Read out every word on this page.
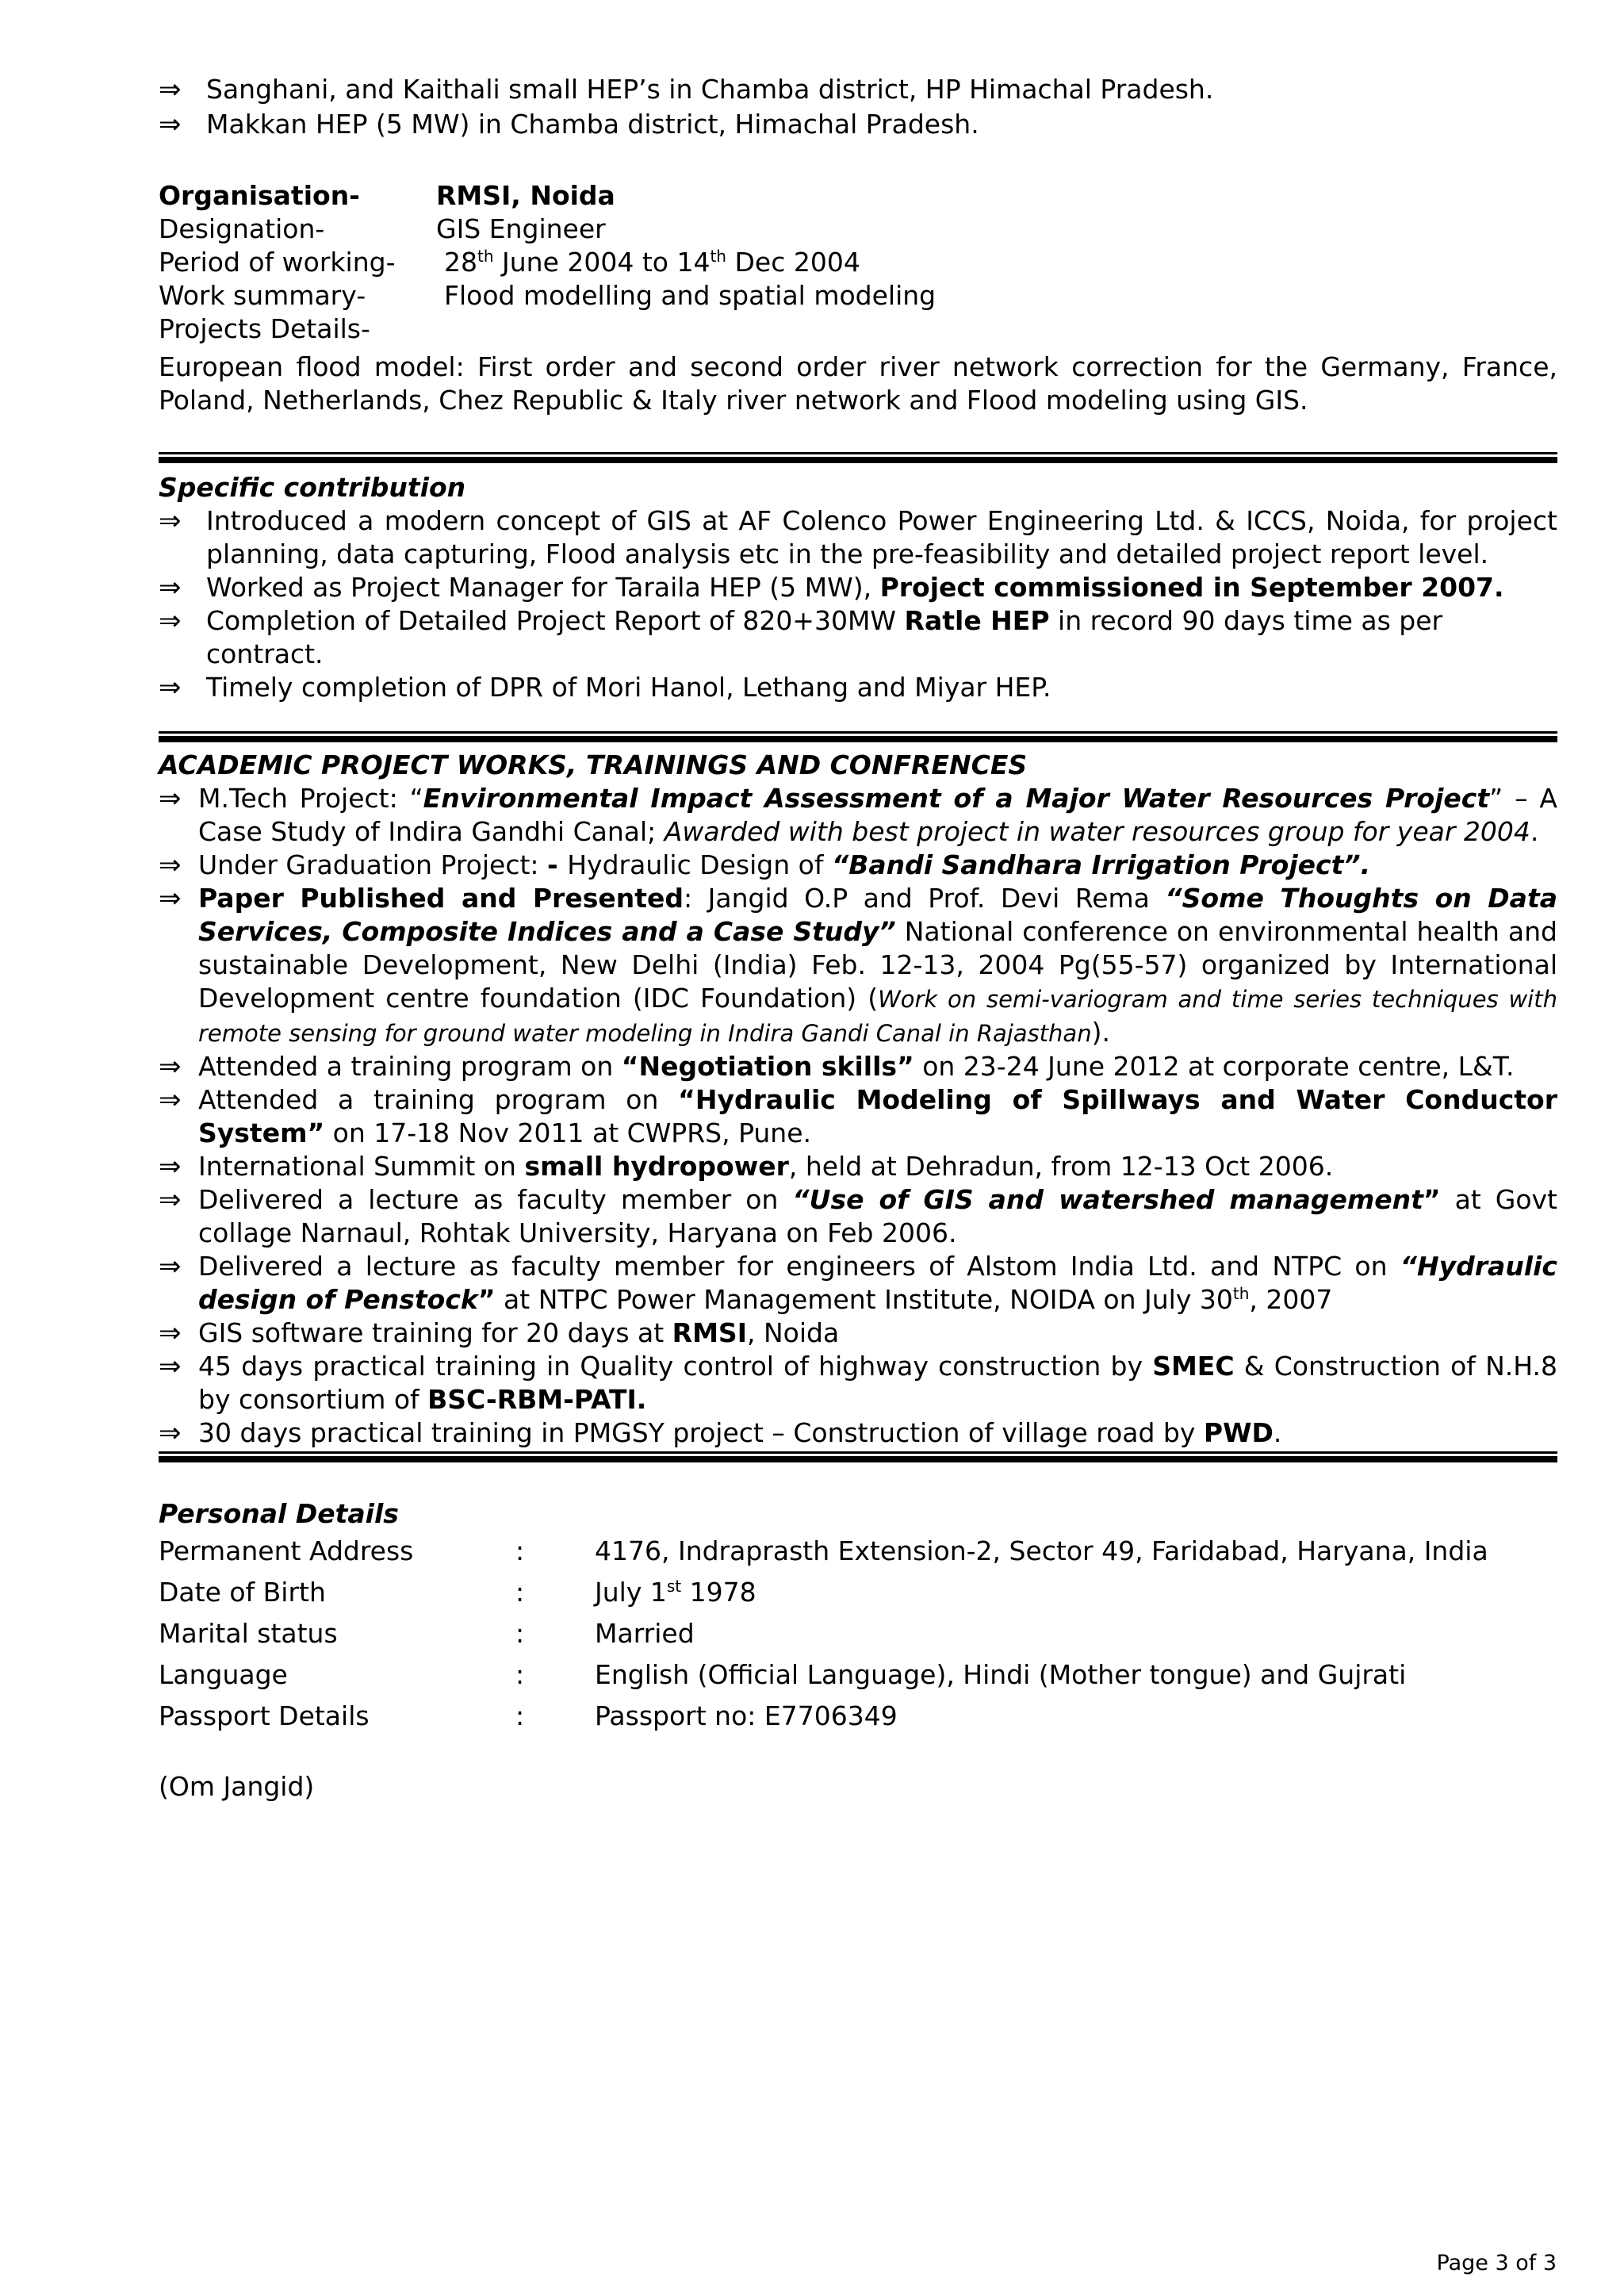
⇒ Sanghani, and Kaithali small HEP’s in Chamba district, HP Himachal Pradesh.
⇒ Makkan HEP (5 MW) in Chamba district, Himachal Pradesh.
Organisation-	RMSI, Noida
Designation-	GIS Engineer
Period of working-	28th June 2004 to 14th Dec 2004
Work summary-	Flood modelling and spatial modeling
Projects Details-
European flood model: First order and second order river network correction for the Germany, France, Poland, Netherlands, Chez Republic & Italy river network and Flood modeling using GIS.
Specific contribution
⇒ Introduced a modern concept of GIS at AF Colenco Power Engineering Ltd. & ICCS, Noida, for project planning, data capturing, Flood analysis etc in the pre-feasibility and detailed project report level.
⇒ Worked as Project Manager for Taraila HEP (5 MW), Project commissioned in September 2007.
⇒ Completion of Detailed Project Report of 820+30MW Ratle HEP in record 90 days time as per contract.
⇒ Timely completion of DPR of Mori Hanol, Lethang and Miyar HEP.
ACADEMIC PROJECT WORKS, TRAININGS AND CONFRENCES
⇒ M.Tech Project: “Environmental Impact Assessment of a Major Water Resources Project” – A Case Study of Indira Gandhi Canal; Awarded with best project in water resources group for year 2004.
⇒ Under Graduation Project: - Hydraulic Design of “Bandi Sandhara Irrigation Project”.
⇒ Paper Published and Presented: Jangid O.P and Prof. Devi Rema “Some Thoughts on Data Services, Composite Indices and a Case Study” National conference on environmental health and sustainable Development, New Delhi (India) Feb. 12-13, 2004 Pg(55-57) organized by International Development centre foundation (IDC Foundation) (Work on semi-variogram and time series techniques with remote sensing for ground water modeling in Indira Gandi Canal in Rajasthan).
⇒ Attended a training program on “Negotiation skills” on 23-24 June 2012 at corporate centre, L&T.
⇒ Attended a training program on “Hydraulic Modeling of Spillways and Water Conductor System” on 17-18 Nov 2011 at CWPRS, Pune.
⇒ International Summit on small hydropower, held at Dehradun, from 12-13 Oct 2006.
⇒ Delivered a lecture as faculty member on “Use of GIS and watershed management” at Govt collage Narnaul, Rohtak University, Haryana on Feb 2006.
⇒ Delivered a lecture as faculty member for engineers of Alstom India Ltd. and NTPC on “Hydraulic design of Penstock” at NTPC Power Management Institute, NOIDA on July 30th, 2007
⇒ GIS software training for 20 days at RMSI, Noida
⇒ 45 days practical training in Quality control of highway construction by SMEC & Construction of N.H.8 by consortium of BSC-RBM-PATI.
⇒ 30 days practical training in PMGSY project – Construction of village road by PWD.
Personal Details
Permanent Address	:	4176, Indraprasth Extension-2, Sector 49, Faridabad, Haryana, India
Date of Birth	:	July 1st 1978
Marital status	:	Married
Language	:	English (Official Language), Hindi (Mother tongue) and Gujrati
Passport Details	:	Passport no: E7706349
(Om Jangid)
Page 3 of 3
